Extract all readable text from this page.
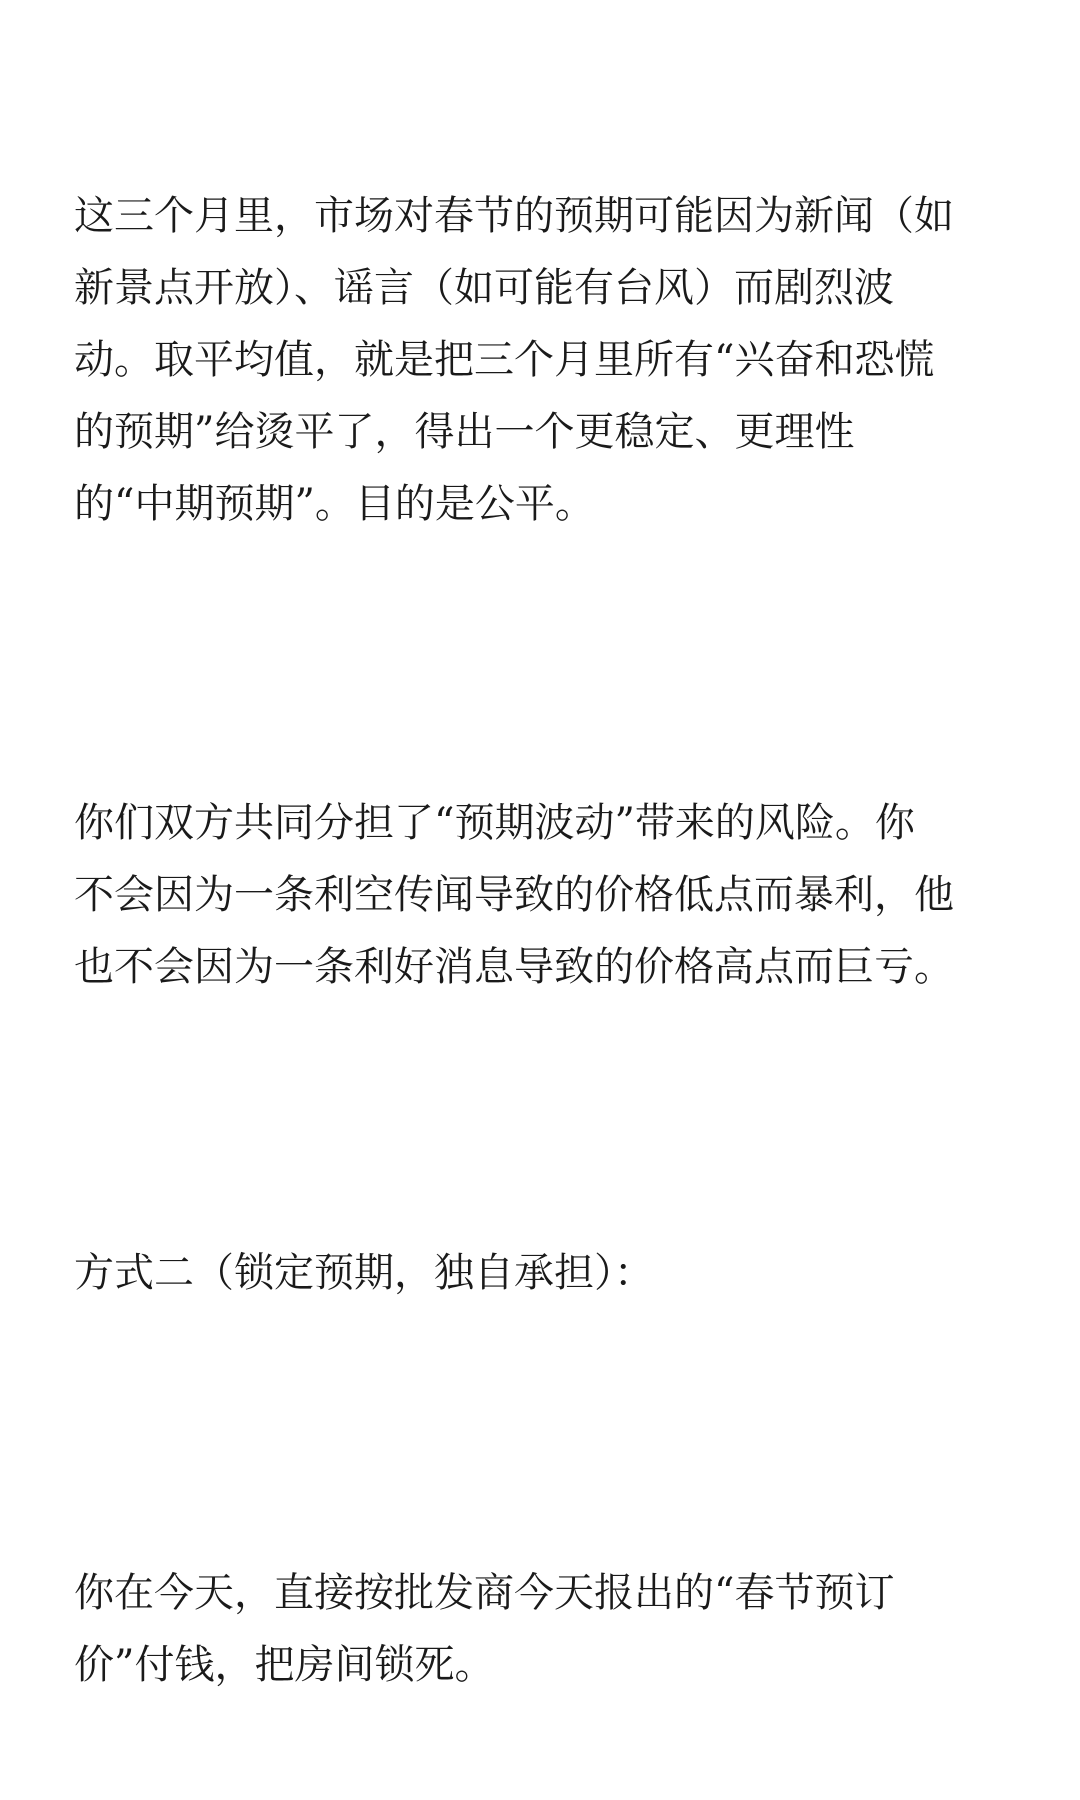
这三个月里，市场对春节的预期可能因为新闻（如
新景点开放）、谣言（如可能有台风）而剧烈波
动。取平均值，就是把三个月里所有“兴奋和恐慌
的预期”给烫平了，得出一个更稳定、更理性
的“中期预期”。目的是公平。

你们双方共同分担了“预期波动”带来的风险。你
不会因为一条利空传闻导致的价格低点而暴利，他
也不会因为一条利好消息导致的价格高点而巨亏。

方式二（锁定预期，独自承担）：

你在今天，直接按批发商今天报出的“春节预订
价”付钱，把房间锁死。
